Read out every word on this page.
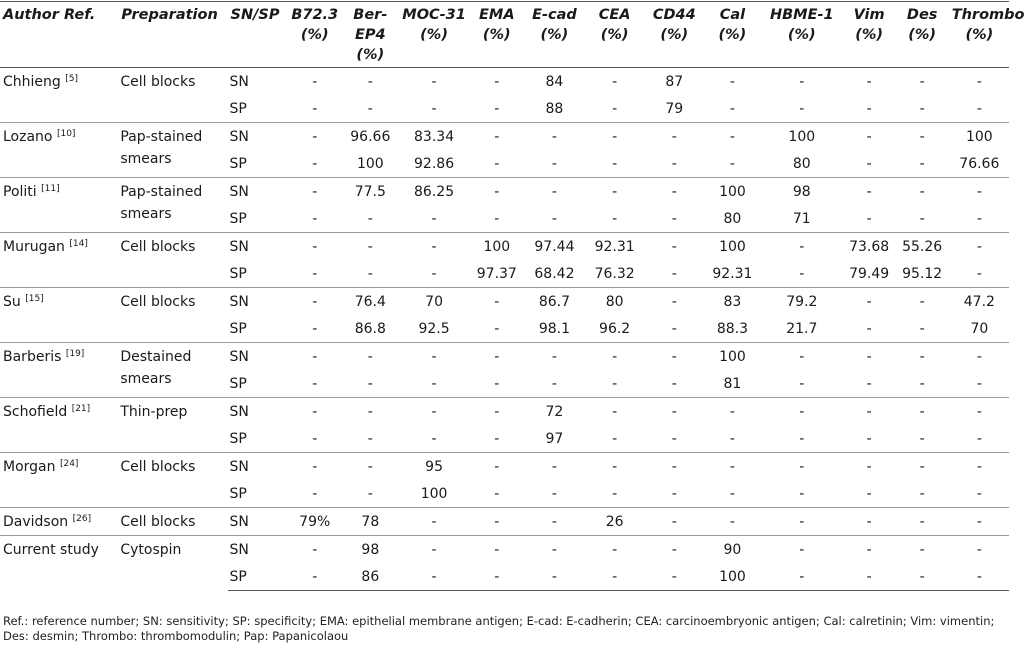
Author Ref.	Preparation	SN/SP	B72.3 (%)	Ber-EP4 (%)	MOC-31 (%)	EMA (%)	E-cad (%)	CEA (%)	CD44 (%)	Cal (%)	HBME-1 (%)	Vim (%)	Des (%)	Thrombo (%)
Chhieng [5]	Cell blocks	SN	-	-	-	-	84	-	87	-	-	-	-	-
		SP	-	-	-	-	88	-	79	-	-	-	-	-
Lozano [10]	Pap-stained smears	SN	-	96.66	83.34	-	-	-	-	-	100	-	-	100
		SP	-	100	92.86	-	-	-	-	-	80	-	-	76.66
Politi [11]	Pap-stained smears	SN	-	77.5	86.25	-	-	-	-	100	98	-	-	-
		SP	-	-	-	-	-	-	-	80	71	-	-	-
Murugan [14]	Cell blocks	SN	-	-	-	100	97.44	92.31	-	100	-	73.68	55.26	-
		SP	-	-	-	97.37	68.42	76.32	-	92.31	-	79.49	95.12	-
Su [15]	Cell blocks	SN	-	76.4	70	-	86.7	80	-	83	79.2	-	-	47.2
		SP	-	86.8	92.5	-	98.1	96.2	-	88.3	21.7	-	-	70
Barberis [19]	Destained smears	SN	-	-	-	-	-	-	-	100	-	-	-	-
		SP	-	-	-	-	-	-	-	81	-	-	-	-
Schofield [21]	Thin-prep	SN	-	-	-	-	72	-	-	-	-	-	-	-
		SP	-	-	-	-	97	-	-	-	-	-	-	-
Morgan [24]	Cell blocks	SN	-	-	95	-	-	-	-	-	-	-	-	-
		SP	-	-	100	-	-	-	-	-	-	-	-	-
Davidson [26]	Cell blocks	SN	79%	78	-	-	-	26	-	-	-	-	-	-
Current study	Cytospin	SN	-	98	-	-	-	-	-	90	-	-	-	-
		SP	-	86	-	-	-	-	-	100	-	-	-	-
Ref.: reference number; SN: sensitivity; SP: specificity; EMA: epithelial membrane antigen; E-cad: E-cadherin; CEA: carcinoembryonic antigen; Cal: calretinin; Vim: vimentin; Des: desmin; Thrombo: thrombomodulin; Pap: Papanicolaou
